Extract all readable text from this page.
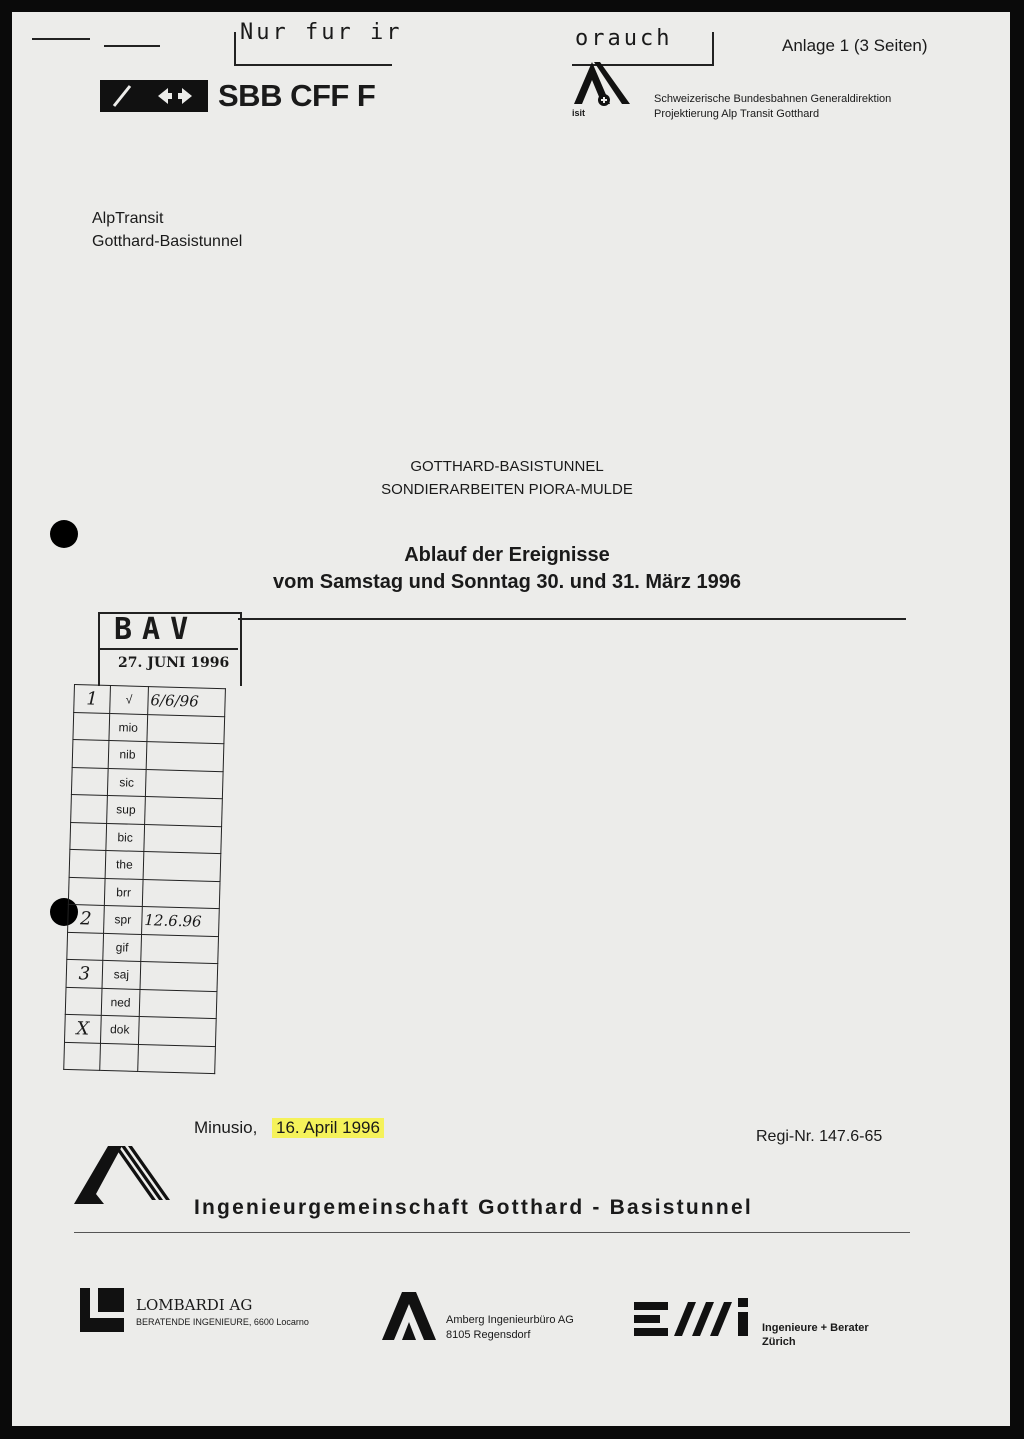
Nur fur ir	orauch	Anlage 1 (3 Seiten)
SBB CFF F	isit
Schweizerische Bundesbahnen Generaldirektion
Projektierung Alp Transit Gotthard
AlpTransit
Gotthard-Basistunnel
GOTTHARD-BASISTUNNEL
SONDIERARBEITEN PIORA-MULDE
Ablauf der Ereignisse
vom Samstag und Sonntag 30. und 31. März 1996
BAV
27. JUNI 1996
1	√	6/6/96
	mio	
	nib	
	sic	
	sup	
	bic	
	the	
	brr	
2	spr	12.6.96
	gif	
3	saj	
	ned	
X	dok	

Minusio, 16. April 1996	Regi-Nr. 147.6-65
Ingenieurgemeinschaft Gotthard - Basistunnel
LOMBARDI AG
BERATENDE INGENIEURE, 6600 Locarno	Amberg Ingenieurbüro AG
8105 Regensdorf
Ingenieure + Berater
Zürich
